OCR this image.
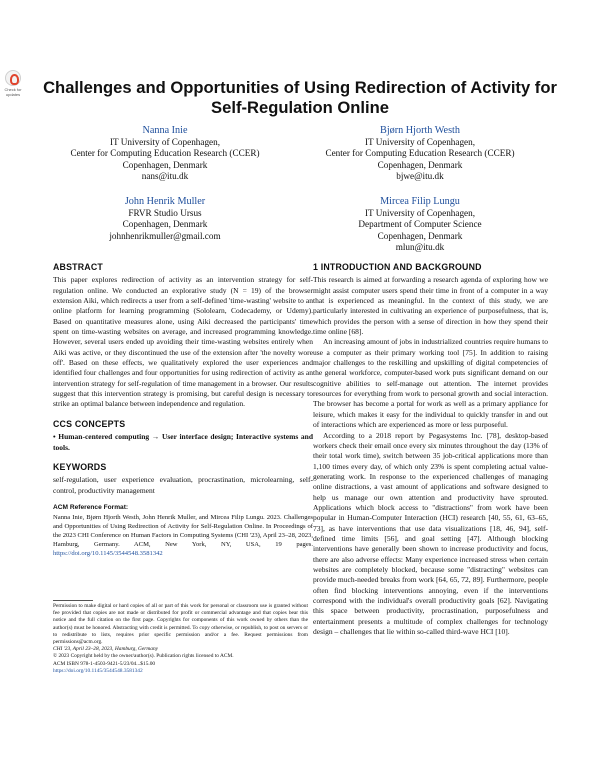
Check for updates	Challenges and Opportunities of Using Redirection of Activity for Self-Regulation Online
Nanna Inie
IT University of Copenhagen,
Center for Computing Education Research (CCER)
Copenhagen, Denmark
nans@itu.dk
Bjørn Hjorth Westh
IT University of Copenhagen,
Center for Computing Education Research (CCER)
Copenhagen, Denmark
bjwe@itu.dk
John Henrik Muller
FRVR Studio Ursus
Copenhagen, Denmark
johnhenrikmuller@gmail.com
Mircea Filip Lungu
IT University of Copenhagen,
Department of Computer Science
Copenhagen, Denmark
mlun@itu.dk
ABSTRACT

This paper explores redirection of activity as an intervention strategy for self-regulation online. We conducted an explorative study (N = 19) of the browser extension Aiki, which redirects a user from a self-defined 'time-wasting' website to an online platform for learning programming (Sololearn, Codecademy, or Udemy). Based on quantitative measures alone, using Aiki decreased the participants' time spent on time-wasting websites on average, and increased programming knowledge. However, several users ended up avoiding their time-wasting websites entirely when Aiki was active, or they discontinued the use of the extension after 'the novelty wore off'. Based on these effects, we qualitatively explored the user experiences and identified four challenges and four opportunities for using redirection of activity as an intervention strategy for self-regulation of time management in a browser. Our results suggest that this intervention strategy is promising, but careful design is necessary to strike an optimal balance between independence and regulation.

CCS CONCEPTS

• Human-centered computing → User interface design; Interactive systems and tools.

KEYWORDS

self-regulation, user experience evaluation, procrastination, microlearning, self-control, productivity management

ACM Reference Format:

Nanna Inie, Bjørn Hjorth Westh, John Henrik Muller, and Mircea Filip Lungu. 2023. Challenges and Opportunities of Using Redirection of Activity for Self-Regulation Online. In Proceedings of the 2023 CHI Conference on Human Factors in Computing Systems (CHI '23), April 23–28, 2023, Hamburg, Germany. ACM, New York, NY, USA, 19 pages. https://doi.org/10.1145/3544548.3581342

Permission to make digital or hard copies of all or part of this work for personal or classroom use is granted without fee provided that copies are not made or distributed for profit or commercial advantage and that copies bear this notice and the full citation on the first page. Copyrights for components of this work owned by others than the author(s) must be honored. Abstracting with credit is permitted. To copy otherwise, or republish, to post on servers or to redistribute to lists, requires prior specific permission and/or a fee. Request permissions from permissions@acm.org.

CHI '23, April 23–28, 2023, Hamburg, Germany

© 2023 Copyright held by the owner/author(s). Publication rights licensed to ACM.

ACM ISBN 978-1-4503-9421-5/23/04...$15.00

https://doi.org/10.1145/3544548.3581342

1 INTRODUCTION AND BACKGROUND

This research is aimed at forwarding a research agenda of exploring how we might assist computer users spend their time in front of a computer in a way that is experienced as meaningful. In the context of this study, we are particularly interested in cultivating an experience of purposefulness, that is, which provides the person with a sense of direction in how they spend their time online [68].

An increasing amount of jobs in industrialized countries require humans to use a computer as their primary working tool [75]. In addition to raising major challenges to the reskilling and upskilling of digital competencies of the general workforce, computer-based work puts significant demand on our cognitive abilities to self-manage out attention. The internet provides resources for everything from work to personal growth and social interaction. The browser has become a portal for work as well as a primary appliance for leisure, which makes it easy for the individual to quickly transfer in and out of interactions which are experienced as more or less purposeful.

According to a 2018 report by Pegasystems Inc. [78], desktop-based workers check their email once every six minutes throughout the day (13% of their total work time), switch between 35 job-critical applications more than 1,100 times every day, of which only 23% is spent completing actual value-generating work. In response to the experienced challenges of managing online distractions, a vast amount of applications and software designed to help us manage our own attention and productivity have sprouted. Applications which block access to "distractions" from work have been popular in Human-Computer Interaction (HCI) research [40, 55, 61, 63–65, 73], as have interventions that use data visualizations [18, 46, 94], self-defined time limits [56], and goal setting [47]. Although blocking interventions have generally been shown to increase productivity and focus, there are also adverse effects: Many experience increased stress when certain websites are completely blocked, because some "distracting" websites can provide much-needed breaks from work [64, 65, 72, 89]. Furthermore, people often find blocking interventions annoying, even if the interventions correspond with the individual's overall productivity goals [62]. Navigating this space between productivity, procrastination, purposefulness and entertainment presents a multitude of complex challenges for technology design – challenges that lie within so-called third-wave HCI [10].
